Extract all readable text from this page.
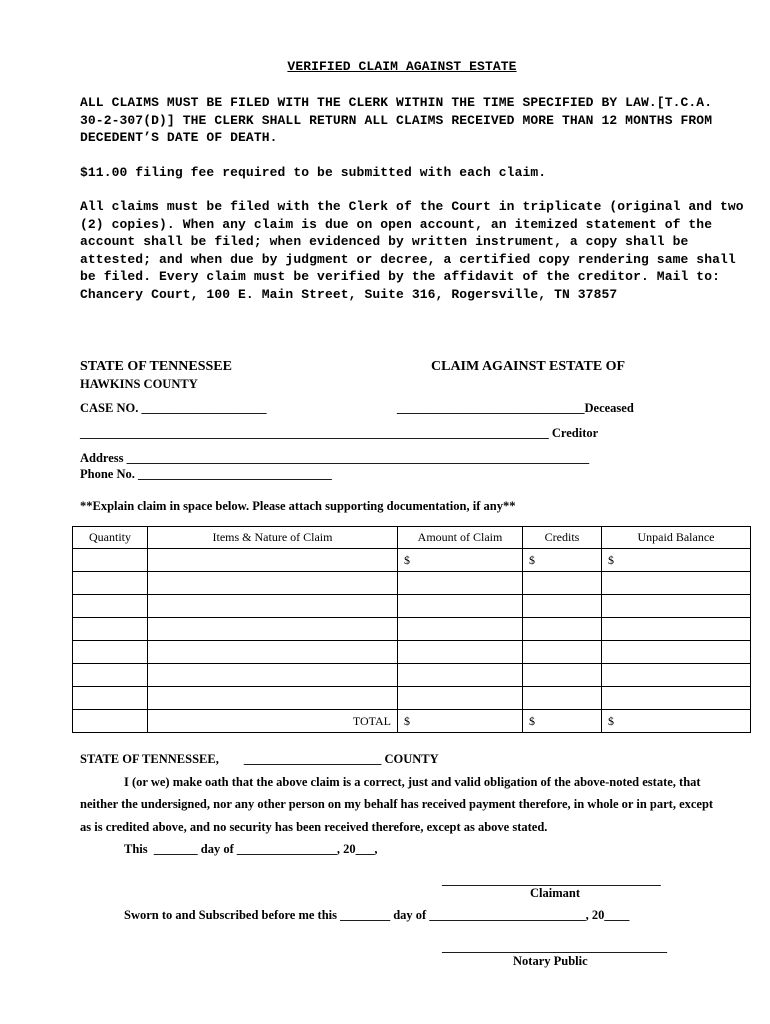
VERIFIED CLAIM AGAINST ESTATE
ALL CLAIMS MUST BE FILED WITH THE CLERK WITHIN THE TIME SPECIFIED BY LAW.[T.C.A. 30-2-307(D)] THE CLERK SHALL RETURN ALL CLAIMS RECEIVED MORE THAN 12 MONTHS FROM DECEDENT’S DATE OF DEATH.
$11.00 filing fee required to be submitted with each claim.
All claims must be filed with the Clerk of the Court in triplicate (original and two (2) copies). When any claim is due on open account, an itemized statement of the account shall be filed; when evidenced by written instrument, a copy shall be attested; and when due by judgment or decree, a certified copy rendering same shall be filed. Every claim must be verified by the affidavit of the creditor. Mail to: Chancery Court, 100 E. Main Street, Suite 316, Rogersville, TN 37857
STATE OF TENNESSEE
HAWKINS COUNTY
CLAIM AGAINST ESTATE OF
CASE NO. ____________________	______________________________Deceased
___________________________________________________________________________ Creditor
Address __________________________________________________________________________
Phone No. _______________________________
**Explain claim in space below. Please attach supporting documentation, if any**
Quantity	Items & Nature of Claim	Amount of Claim	Credits	Unpaid Balance
		$	$	$

	TOTAL	$	$	$
STATE OF TENNESSEE,        ______________________ COUNTY
I (or we) make oath that the above claim is a correct, just and valid obligation of the above-noted estate, that
neither the undersigned, nor any other person on my behalf has received payment therefore, in whole or in part, except
as is credited above, and no security has been received therefore, except as above stated.
This  _______ day of ________________, 20___,
___________________________________
Claimant
Sworn to and Subscribed before me this ________ day of _________________________, 20____
____________________________________
Notary Public
